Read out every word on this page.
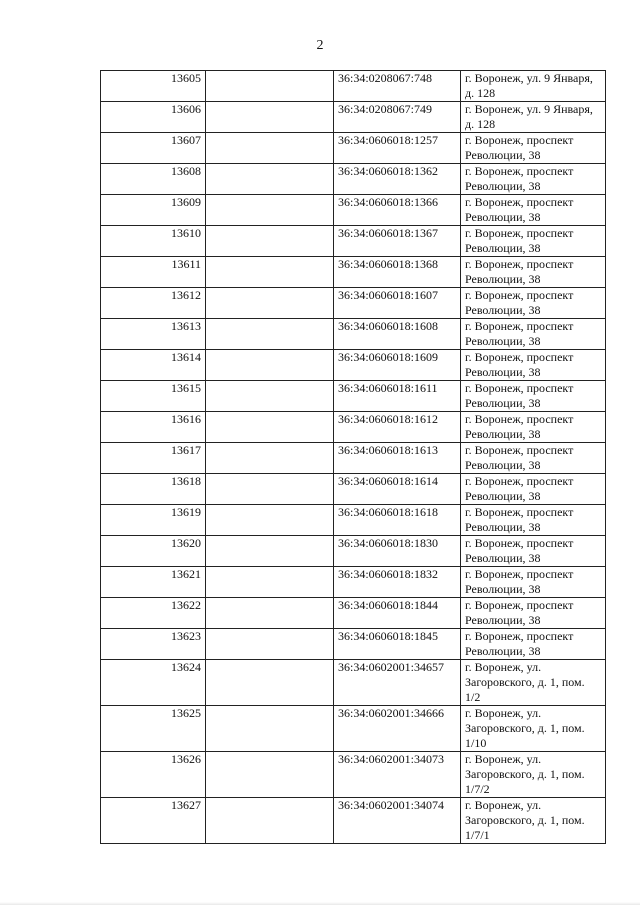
2
13605		36:34:0208067:748	г. Воронеж, ул. 9 Января, д. 128
13606		36:34:0208067:749	г. Воронеж, ул. 9 Января, д. 128
13607		36:34:0606018:1257	г. Воронеж, проспект Революции, 38
13608		36:34:0606018:1362	г. Воронеж, проспект Революции, 38
13609		36:34:0606018:1366	г. Воронеж, проспект Революции, 38
13610		36:34:0606018:1367	г. Воронеж, проспект Революции, 38
13611		36:34:0606018:1368	г. Воронеж, проспект Революции, 38
13612		36:34:0606018:1607	г. Воронеж, проспект Революции, 38
13613		36:34:0606018:1608	г. Воронеж, проспект Революции, 38
13614		36:34:0606018:1609	г. Воронеж, проспект Революции, 38
13615		36:34:0606018:1611	г. Воронеж, проспект Революции, 38
13616		36:34:0606018:1612	г. Воронеж, проспект Революции, 38
13617		36:34:0606018:1613	г. Воронеж, проспект Революции, 38
13618		36:34:0606018:1614	г. Воронеж, проспект Революции, 38
13619		36:34:0606018:1618	г. Воронеж, проспект Революции, 38
13620		36:34:0606018:1830	г. Воронеж, проспект Революции, 38
13621		36:34:0606018:1832	г. Воронеж, проспект Революции, 38
13622		36:34:0606018:1844	г. Воронеж, проспект Революции, 38
13623		36:34:0606018:1845	г. Воронеж, проспект Революции, 38
13624		36:34:0602001:34657	г. Воронеж, ул. Загоровского, д. 1, пом. 1/2
13625		36:34:0602001:34666	г. Воронеж, ул. Загоровского, д. 1, пом. 1/10
13626		36:34:0602001:34073	г. Воронеж, ул. Загоровского, д. 1, пом. 1/7/2
13627		36:34:0602001:34074	г. Воронеж, ул. Загоровского, д. 1, пом. 1/7/1
